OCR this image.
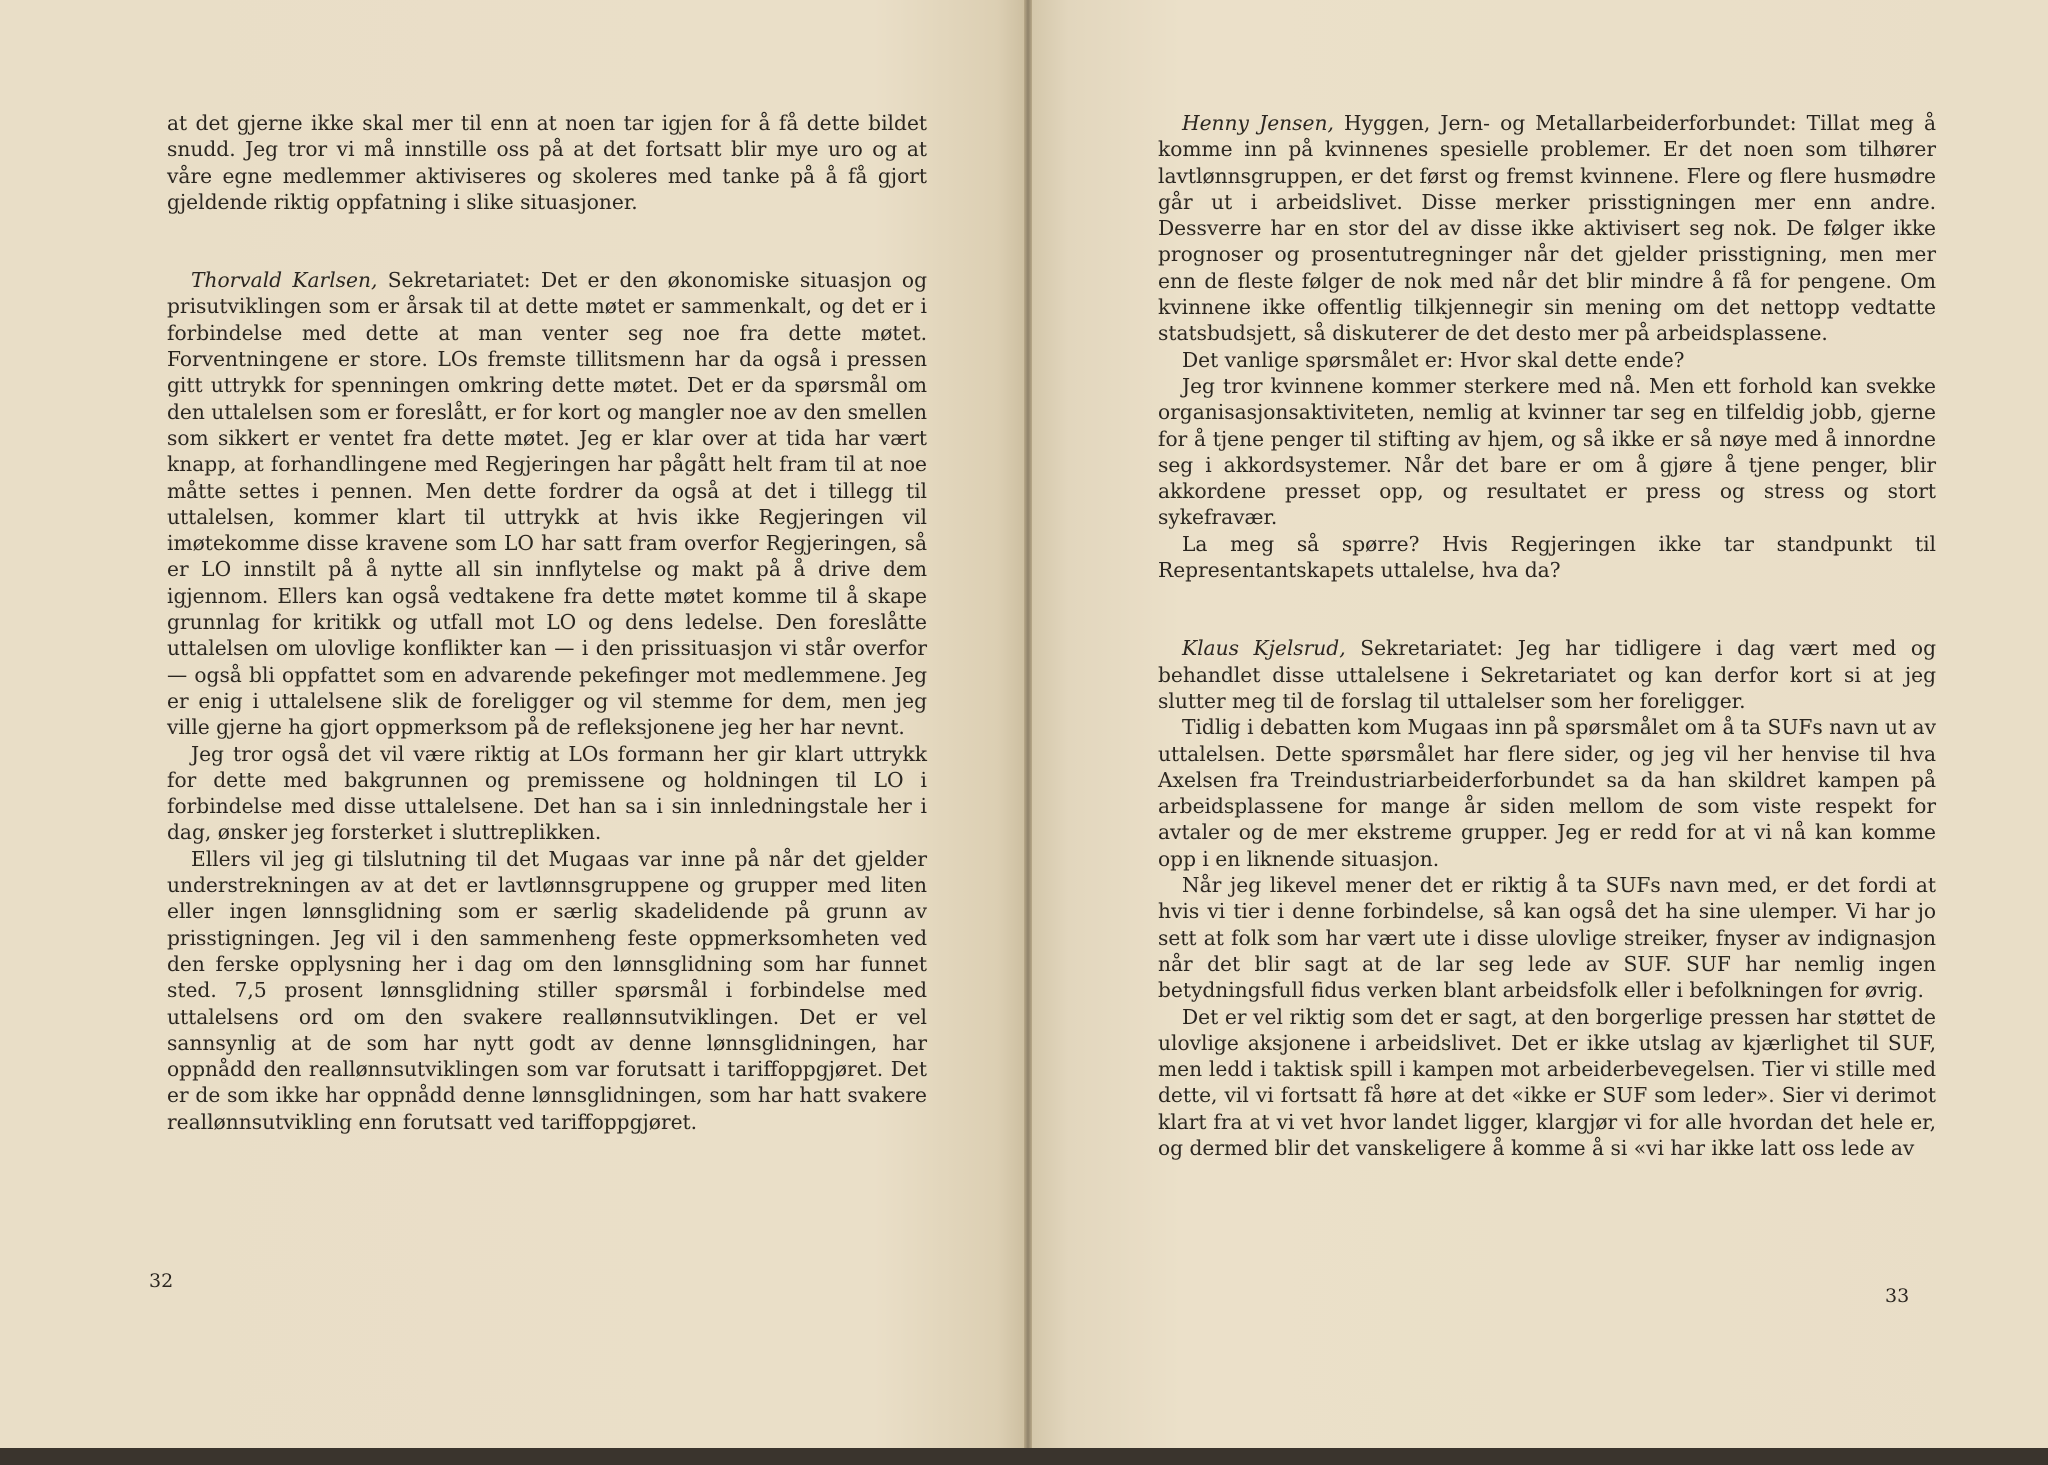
at det gjerne ikke skal mer til enn at noen tar igjen for å få dette bildet snudd. Jeg tror vi må innstille oss på at det fortsatt blir mye uro og at våre egne medlemmer aktiviseres og skoleres med tanke på å få gjort gjeldende riktig oppfatning i slike situasjoner.

Thorvald Karlsen, Sekretariatet: Det er den økonomiske situasjon og prisutviklingen som er årsak til at dette møtet er sammenkalt, og det er i forbindelse med dette at man venter seg noe fra dette møtet. Forventningene er store. LOs fremste tillitsmenn har da også i pressen gitt uttrykk for spenningen omkring dette møtet. Det er da spørsmål om den uttalelsen som er foreslått, er for kort og mangler noe av den smellen som sikkert er ventet fra dette møtet. Jeg er klar over at tida har vært knapp, at forhandlingene med Regjeringen har pågått helt fram til at noe måtte settes i pennen. Men dette fordrer da også at det i tillegg til uttalelsen, kommer klart til uttrykk at hvis ikke Regjeringen vil imøtekomme disse kravene som LO har satt fram overfor Regjeringen, så er LO innstilt på å nytte all sin innflytelse og makt på å drive dem igjennom. Ellers kan også vedtakene fra dette møtet komme til å skape grunnlag for kritikk og utfall mot LO og dens ledelse. Den foreslåtte uttalelsen om ulovlige konflikter kan — i den prissituasjon vi står overfor — også bli oppfattet som en advarende pekefinger mot medlemmene. Jeg er enig i uttalelsene slik de foreligger og vil stemme for dem, men jeg ville gjerne ha gjort oppmerksom på de refleksjonene jeg her har nevnt.

Jeg tror også det vil være riktig at LOs formann her gir klart uttrykk for dette med bakgrunnen og premissene og holdningen til LO i forbindelse med disse uttalelsene. Det han sa i sin innledningstale her i dag, ønsker jeg forsterket i sluttreplikken.

Ellers vil jeg gi tilslutning til det Mugaas var inne på når det gjelder understrekningen av at det er lavtlønnsgruppene og grupper med liten eller ingen lønnsglidning som er særlig skadelidende på grunn av prisstigningen. Jeg vil i den sammenheng feste oppmerksomheten ved den ferske opplysning her i dag om den lønnsglidning som har funnet sted. 7,5 prosent lønnsglidning stiller spørsmål i forbindelse med uttalelsens ord om den svakere reallønnsutviklingen. Det er vel sannsynlig at de som har nytt godt av denne lønnsglidningen, har oppnådd den reallønnsutviklingen som var forutsatt i tariffoppgjøret. Det er de som ikke har oppnådd denne lønnsglidningen, som har hatt svakere reallønnsutvikling enn forutsatt ved tariffoppgjøret.

32

Henny Jensen, Hyggen, Jern- og Metallarbeiderforbundet: Tillat meg å komme inn på kvinnenes spesielle problemer. Er det noen som tilhører lavtlønnsgruppen, er det først og fremst kvinnene. Flere og flere husmødre går ut i arbeidslivet. Disse merker prisstigningen mer enn andre. Dessverre har en stor del av disse ikke aktivisert seg nok. De følger ikke prognoser og prosentutregninger når det gjelder prisstigning, men mer enn de fleste følger de nok med når det blir mindre å få for pengene. Om kvinnene ikke offentlig tilkjennegir sin mening om det nettopp vedtatte statsbudsjett, så diskuterer de det desto mer på arbeidsplassene.

Det vanlige spørsmålet er: Hvor skal dette ende?

Jeg tror kvinnene kommer sterkere med nå. Men ett forhold kan svekke organisasjonsaktiviteten, nemlig at kvinner tar seg en tilfeldig jobb, gjerne for å tjene penger til stifting av hjem, og så ikke er så nøye med å innordne seg i akkordsystemer. Når det bare er om å gjøre å tjene penger, blir akkordene presset opp, og resultatet er press og stress og stort sykefravær.

La meg så spørre? Hvis Regjeringen ikke tar standpunkt til Representantskapets uttalelse, hva da?

Klaus Kjelsrud, Sekretariatet: Jeg har tidligere i dag vært med og behandlet disse uttalelsene i Sekretariatet og kan derfor kort si at jeg slutter meg til de forslag til uttalelser som her foreligger.

Tidlig i debatten kom Mugaas inn på spørsmålet om å ta SUFs navn ut av uttalelsen. Dette spørsmålet har flere sider, og jeg vil her henvise til hva Axelsen fra Treindustriarbeiderforbundet sa da han skildret kampen på arbeidsplassene for mange år siden mellom de som viste respekt for avtaler og de mer ekstreme grupper. Jeg er redd for at vi nå kan komme opp i en liknende situasjon.

Når jeg likevel mener det er riktig å ta SUFs navn med, er det fordi at hvis vi tier i denne forbindelse, så kan også det ha sine ulemper. Vi har jo sett at folk som har vært ute i disse ulovlige streiker, fnyser av indignasjon når det blir sagt at de lar seg lede av SUF. SUF har nemlig ingen betydningsfull fidus verken blant arbeidsfolk eller i befolkningen for øvrig.

Det er vel riktig som det er sagt, at den borgerlige pressen har støttet de ulovlige aksjonene i arbeidslivet. Det er ikke utslag av kjærlighet til SUF, men ledd i taktisk spill i kampen mot arbeiderbevegelsen. Tier vi stille med dette, vil vi fortsatt få høre at det «ikke er SUF som leder». Sier vi derimot klart fra at vi vet hvor landet ligger, klargjør vi for alle hvordan det hele er, og dermed blir det vanskeligere å komme å si «vi har ikke latt oss lede av

33
